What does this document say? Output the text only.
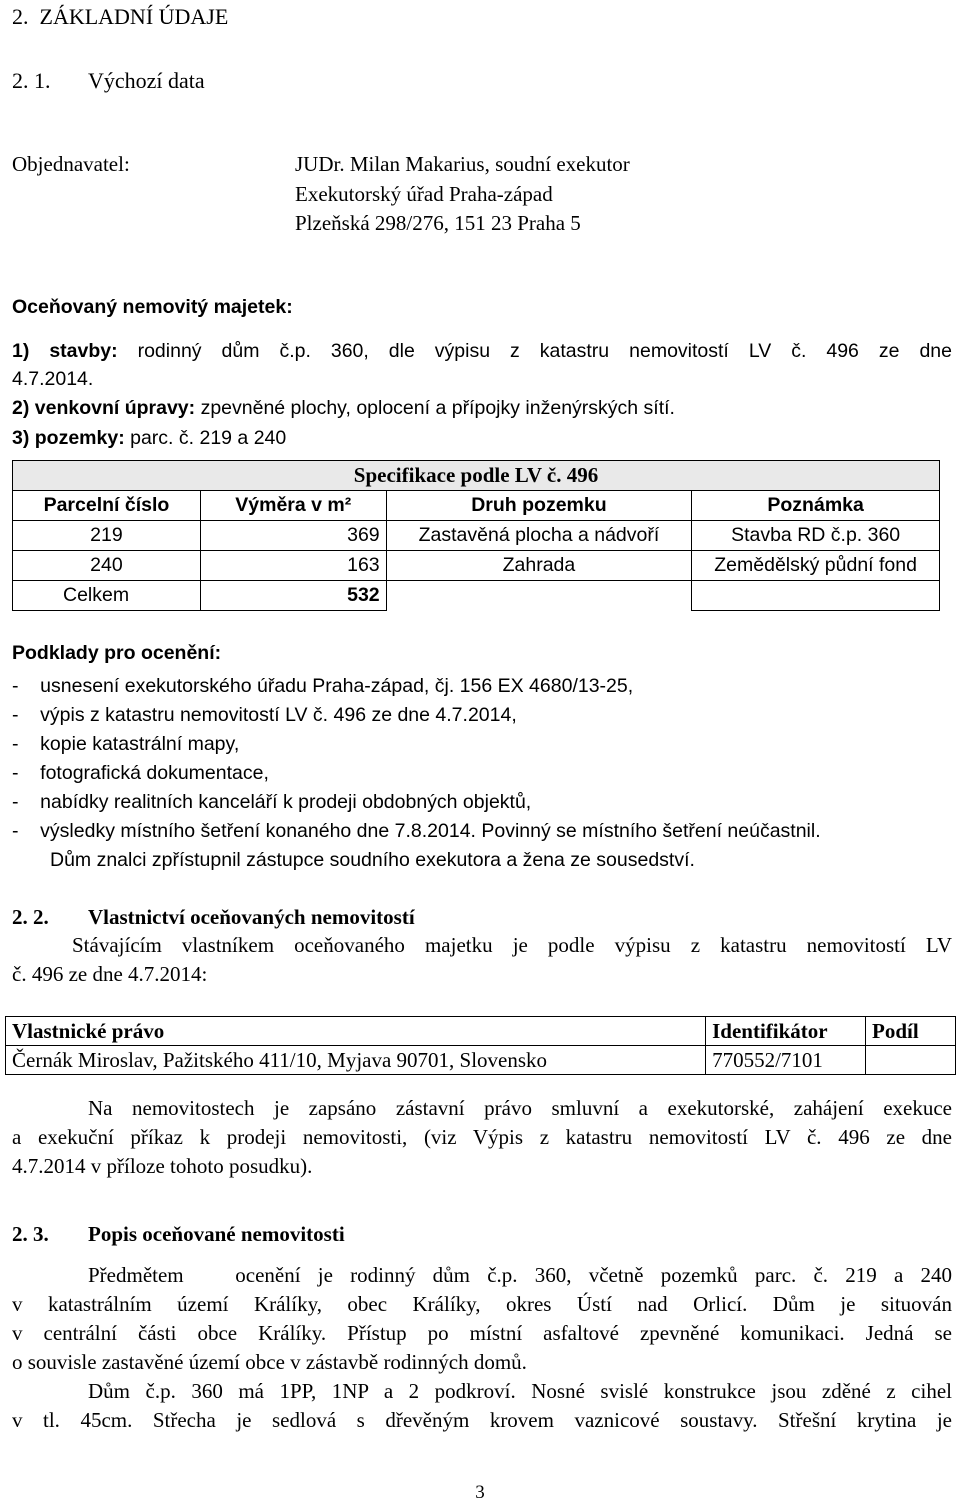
2.  ZÁKLADNÍ ÚDAJE
2. 1. Výchozí data
Objednavatel:	JUDr. Milan Makarius, soudní exekutor
Exekutorský úřad Praha-západ
Plzeňská 298/276, 151 23 Praha 5
Oceňovaný nemovitý majetek:
1) stavby: rodinný dům č.p. 360, dle výpisu z katastru nemovitostí LV č. 496 ze dne
4.7.2014.
2) venkovní úpravy: zpevněné plochy, oplocení a přípojky inženýrských sítí.
3) pozemky: parc. č. 219 a 240
Specifikace podle LV č. 496			
Parcelní číslo	Výměra v m²	Druh pozemku	Poznámka
219	369	Zastavěná plocha a nádvoří	Stavba RD č.p. 360
240	163	Zahrada	Zemědělský půdní fond
Celkem	532		
Podklady pro ocenění:
-    usnesení exekutorského úřadu Praha-západ, čj. 156 EX 4680/13-25,
-    výpis z katastru nemovitostí LV č. 496 ze dne 4.7.2014,
-    kopie katastrální mapy,
-    fotografická dokumentace,
-    nabídky realitních kanceláří k prodeji obdobných objektů,
-    výsledky místního šetření konaného dne 7.8.2014. Povinný se místního šetření neúčastnil.
Dům znalci zpřístupnil zástupce soudního exekutora a žena ze sousedství.
2. 2. Vlastnictví oceňovaných nemovitostí
Stávajícím vlastníkem oceňovaného majetku je podle výpisu z katastru nemovitostí LV
č. 496 ze dne 4.7.2014:
Vlastnické právo	Identifikátor	Podíl
Černák Miroslav, Pažitského 411/10, Myjava 90701, Slovensko	770552/7101	
Na nemovitostech je zapsáno zástavní právo smluvní a exekutorské, zahájení exekuce
a exekuční příkaz k prodeji nemovitosti, (viz Výpis z katastru nemovitostí LV č. 496 ze dne
4.7.2014 v příloze tohoto posudku).
2. 3. Popis oceňované nemovitosti
Předmětem   ocenění je rodinný dům č.p. 360, včetně pozemků parc. č. 219 a 240
v katastrálním území Králíky, obec Králíky, okres Ústí nad Orlicí. Dům je situován
v centrální části obce Králíky. Přístup po místní asfaltové zpevněné komunikaci. Jedná se
o souvisle zastavěné území obce v zástavbě rodinných domů.
Dům č.p. 360 má 1PP, 1NP a 2 podkroví. Nosné svislé konstrukce jsou zděné z cihel
v tl. 45cm. Střecha je sedlová s dřevěným krovem vaznicové soustavy. Střešní krytina je
3
